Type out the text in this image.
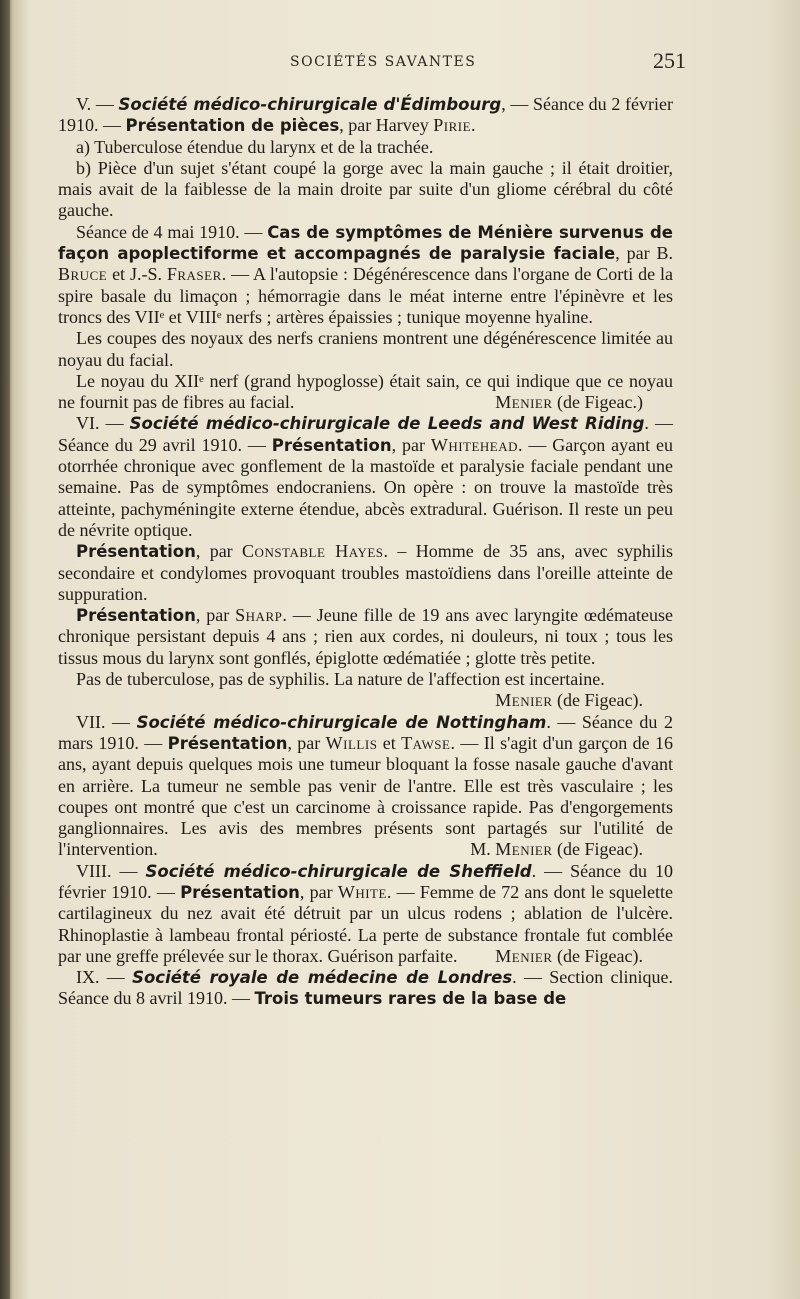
SOCIÉTÉS SAVANTES	251

V. — Société médico-chirurgicale d'Édimbourg, — Séance du 2 février 1910. — Présentation de pièces, par Harvey Pirie.

a) Tuberculose étendue du larynx et de la trachée.

b) Pièce d'un sujet s'étant coupé la gorge avec la main gauche ; il était droitier, mais avait de la faiblesse de la main droite par suite d'un gliome cérébral du côté gauche.

Séance de 4 mai 1910. — Cas de symptômes de Ménière survenus de façon apoplectiforme et accompagnés de paralysie faciale, par B. Bruce et J.-S. Fraser. — A l'autopsie : Dégénérescence dans l'organe de Corti de la spire basale du limaçon ; hémorragie dans le méat interne entre l'épinèvre et les troncs des VIIᵉ et VIIIᵉ nerfs ; artères épaissies ; tunique moyenne hyaline.

Les coupes des noyaux des nerfs craniens montrent une dégénérescence limitée au noyau du facial.

Le noyau du XIIᵉ nerf (grand hypoglosse) était sain, ce qui indique que ce noyau ne fournit pas de fibres au facial.	Menier (de Figeac.)

VI. — Société médico-chirurgicale de Leeds and West Riding. — Séance du 29 avril 1910. — Présentation, par Whitehead. — Garçon ayant eu otorrhée chronique avec gonflement de la mastoïde et paralysie faciale pendant une semaine. Pas de symptômes endocraniens. On opère : on trouve la mastoïde très atteinte, pachyméningite externe étendue, abcès extradural. Guérison. Il reste un peu de névrite optique.

Présentation, par Constable Hayes. – Homme de 35 ans, avec syphilis secondaire et condylomes provoquant troubles mastoïdiens dans l'oreille atteinte de suppuration.

Présentation, par Sharp. — Jeune fille de 19 ans avec laryngite œdémateuse chronique persistant depuis 4 ans ; rien aux cordes, ni douleurs, ni toux ; tous les tissus mous du larynx sont gonflés, épiglotte œdématiée ; glotte très petite.

Pas de tuberculose, pas de syphilis. La nature de l'affection est incertaine.
Menier (de Figeac).

VII. — Société médico-chirurgicale de Nottingham. — Séance du 2 mars 1910. — Présentation, par Willis et Tawse. — Il s'agit d'un garçon de 16 ans, ayant depuis quelques mois une tumeur bloquant la fosse nasale gauche d'avant en arrière. La tumeur ne semble pas venir de l'antre. Elle est très vasculaire ; les coupes ont montré que c'est un carcinome à croissance rapide. Pas d'engorgements ganglionnaires. Les avis des membres présents sont partagés sur l'utilité de l'intervention.	M. Menier (de Figeac).

VIII. — Société médico-chirurgicale de Sheffield. — Séance du 10 février 1910. — Présentation, par White. — Femme de 72 ans dont le squelette cartilagineux du nez avait été détruit par un ulcus rodens ; ablation de l'ulcère. Rhinoplastie à lambeau frontal périosté. La perte de substance frontale fut comblée par une greffe prélevée sur le thorax. Guérison parfaite.	Menier (de Figeac).

IX. — Société royale de médecine de Londres. — Section clinique. Séance du 8 avril 1910. — Trois tumeurs rares de la base de
